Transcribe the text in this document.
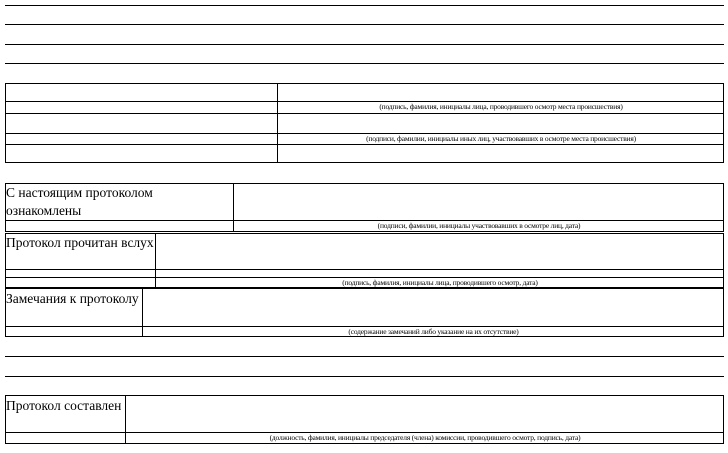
(подпись, фамилия, инициалы лица, проводившего осмотр места происшествия)
(подписи, фамилии, инициалы иных лиц, участвовавших в осмотре места происшествия)
С настоящим протоколом ознакомлены
(подписи, фамилии, инициалы участвовавших в осмотре лиц, дата)
Протокол прочитан вслух
(подпись, фамилия, инициалы лица, проводившего осмотр, дата)
Замечания к протоколу
(содержание замечаний либо указание на их отсутствие)
Протокол составлен
(должность, фамилия, инициалы председателя (члена) комиссии, проводившего осмотр, подпись, дата)
